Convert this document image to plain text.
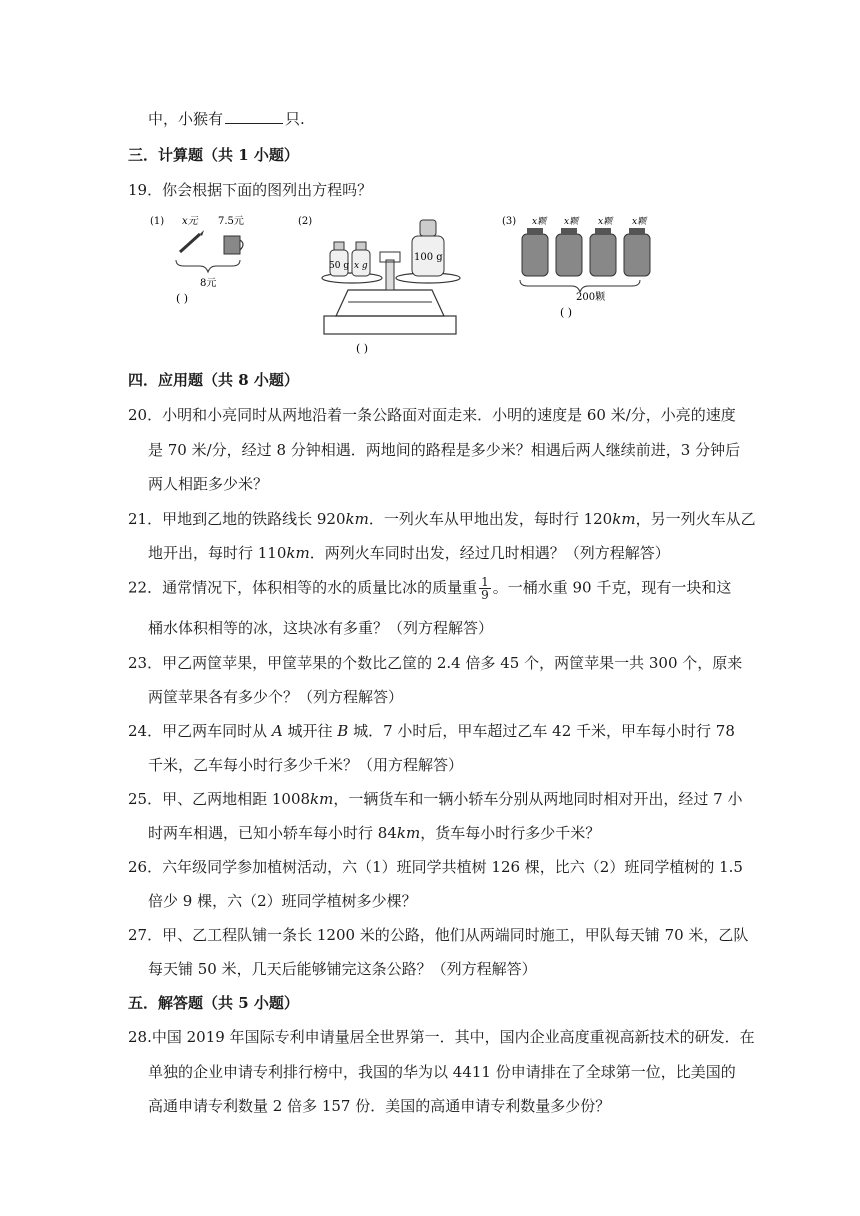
中，小猴有	只.
三．计算题（共 1 小题）
19．你会根据下面的图列出方程吗？
(1) x元 7.5元
8元
( )
(2)
50 g x g
100 g
( )
(3)	x颗 x颗 x颗
x颗
200颗
( )
四．应用题（共 8 小题）
20．小明和小亮同时从两地沿着一条公路面对面走来．小明的速度是 60 米/分，小亮的速度
是 70 米/分，经过 8 分钟相遇．两地间的路程是多少米？相遇后两人继续前进，3 分钟后
两人相距多少米？
21．甲地到乙地的铁路线长 920km．一列火车从甲地出发，每时行 120km，另一列火车从乙
地开出，每时行 110km．两列火车同时出发，经过几时相遇？（列方程解答）
22．通常情况下，体积相等的水的质量比冰的质量重 $\frac{1}{9}$ 。一桶水重 90 千克，现有一块和这
桶水体积相等的冰，这块冰有多重？（列方程解答）
23．甲乙两筐苹果，甲筐苹果的个数比乙筐的 2.4 倍多 45 个，两筐苹果一共 300 个，原来
两筐苹果各有多少个？（列方程解答）
24．甲乙两车同时从 A 城开往 B 城．7 小时后，甲车超过乙车 42 千米，甲车每小时行 78
千米，乙车每小时行多少千米？（用方程解答）
25．甲、乙两地相距 1008km，一辆货车和一辆小轿车分别从两地同时相对开出，经过 7 小
时两车相遇，已知小轿车每小时行 84km，货车每小时行多少千米？
26．六年级同学参加植树活动，六（1）班同学共植树 126 棵，比六（2）班同学植树的 1.5
倍少 9 棵，六（2）班同学植树多少棵？
27．甲、乙工程队铺一条长 1200 米的公路，他们从两端同时施工，甲队每天铺 70 米，乙队
每天铺 50 米，几天后能够铺完这条公路？（列方程解答）
五．解答题（共 5 小题）
28.中国 2019 年国际专利申请量居全世界第一．其中，国内企业高度重视高新技术的研发．在
单独的企业申请专利排行榜中，我国的华为以 4411 份申请排在了全球第一位，比美国的
高通申请专利数量 2 倍多 157 份．美国的高通申请专利数量多少份？
